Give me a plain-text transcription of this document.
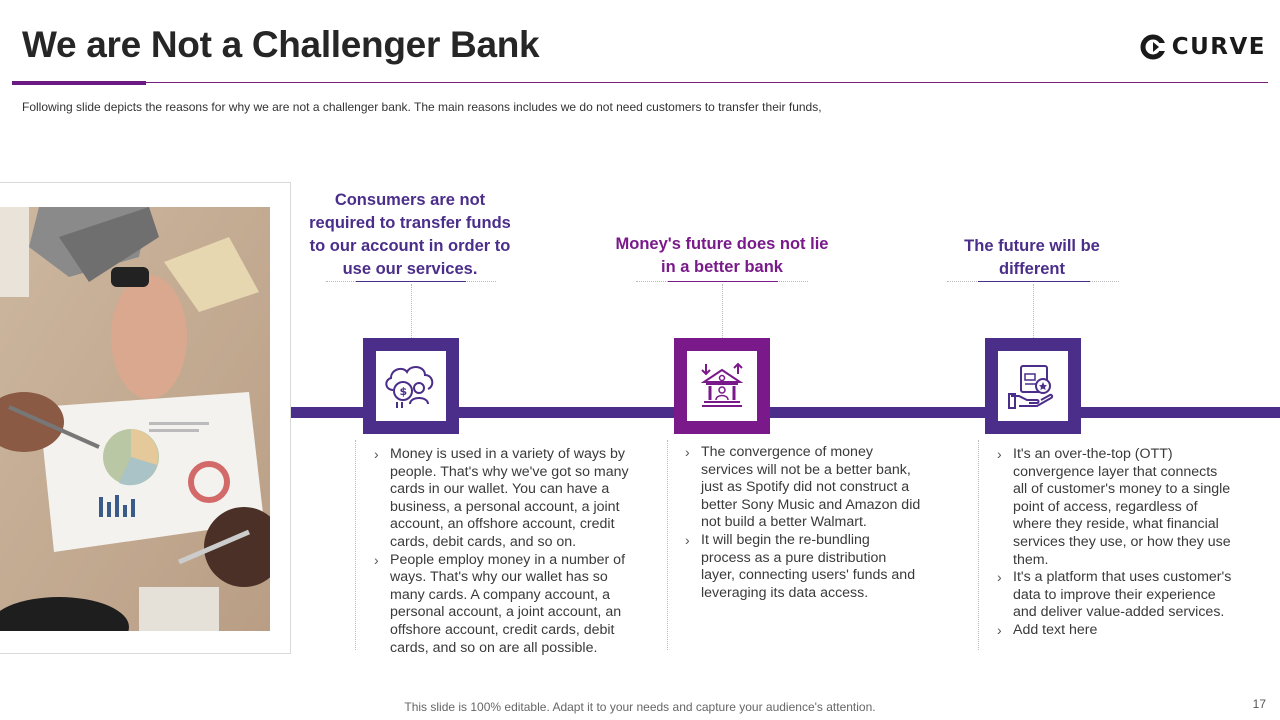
We are Not a Challenger Bank	CURVE
Following slide depicts the reasons for why we are not a challenger bank. The main reasons includes we do not need customers to transfer their funds,
Consumers are not required to transfer funds to our account in order to use our services.
$
› Money is used in a variety of ways by people. That's why we've got so many cards in our wallet. You can have a business, a personal account, a joint account, an offshore account, credit cards, debit cards, and so on.
› People employ money in a number of ways. That's why our wallet has so many cards. A company account, a personal account, a joint account, an offshore account, credit cards, debit cards, and so on are all possible.
Money's future does not lie in a better bank
› The convergence of money services will not be a better bank, just as Spotify did not construct a better Sony Music and Amazon did not build a better Walmart.
› It will begin the re-bundling process as a pure distribution layer, connecting users' funds and leveraging its data access.
The future will be different
› It's an over-the-top (OTT) convergence layer that connects all of customer's money to a single point of access, regardless of where they reside, what financial services they use, or how they use them.
› It's a platform that uses customer's data to improve their experience and deliver value-added services.
› Add text here
This slide is 100% editable. Adapt it to your needs and capture your audience's attention.	17
